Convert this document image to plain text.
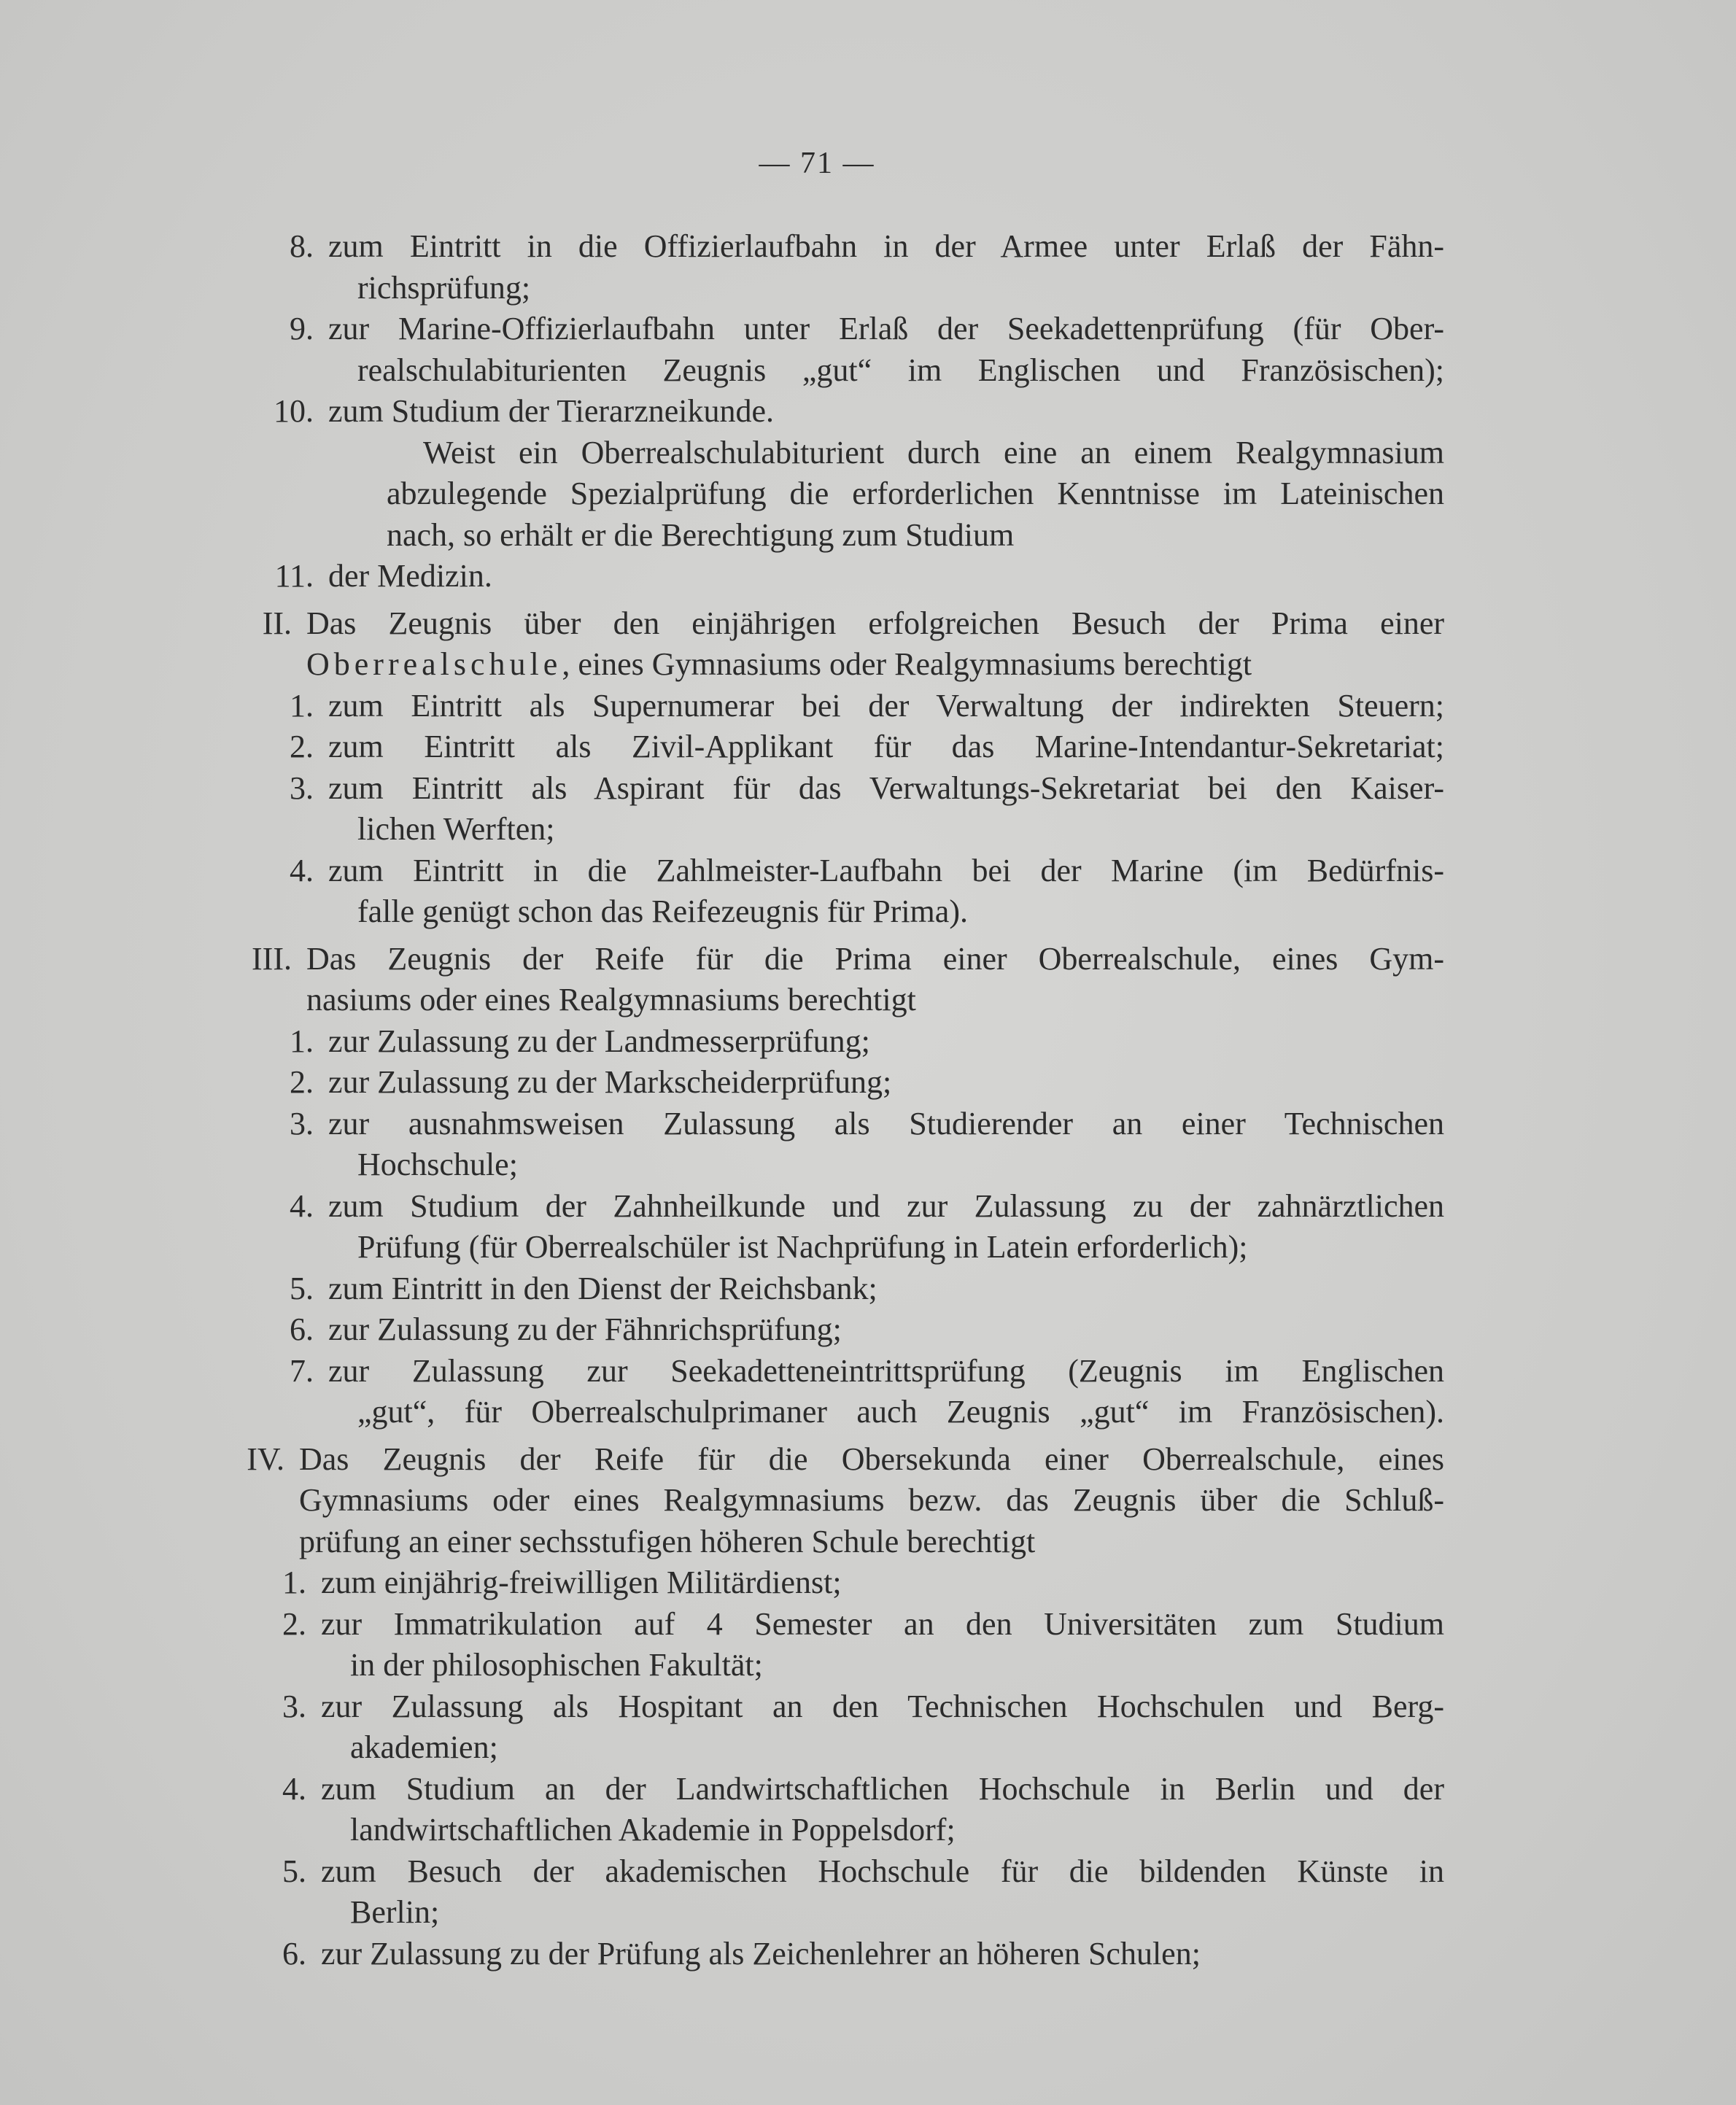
— 71 —
8. zum Eintritt in die Offizierlaufbahn in der Armee unter Erlaß der Fähn-
richsprüfung;
9. zur Marine-Offizierlaufbahn unter Erlaß der Seekadettenprüfung (für Ober-
realschulabiturienten Zeugnis „gut“ im Englischen und Französischen);
10. zum Studium der Tierarzneikunde.
Weist ein Oberrealschulabiturient durch eine an einem Realgymnasium
abzulegende Spezialprüfung die erforderlichen Kenntnisse im Lateinischen
nach, so erhält er die Berechtigung zum Studium
11. der Medizin.
II. Das Zeugnis über den einjährigen erfolgreichen Besuch der Prima einer
Oberrealschule, eines Gymnasiums oder Realgymnasiums berechtigt
1. zum Eintritt als Supernumerar bei der Verwaltung der indirekten Steuern;
2. zum Eintritt als Zivil-Applikant für das Marine-Intendantur-Sekretariat;
3. zum Eintritt als Aspirant für das Verwaltungs-Sekretariat bei den Kaiser-
lichen Werften;
4. zum Eintritt in die Zahlmeister-Laufbahn bei der Marine (im Bedürfnis-
falle genügt schon das Reifezeugnis für Prima).
III. Das Zeugnis der Reife für die Prima einer Oberrealschule, eines Gym-
nasiums oder eines Realgymnasiums berechtigt
1. zur Zulassung zu der Landmesserprüfung;
2. zur Zulassung zu der Markscheiderprüfung;
3. zur ausnahmsweisen Zulassung als Studierender an einer Technischen
Hochschule;
4. zum Studium der Zahnheilkunde und zur Zulassung zu der zahnärztlichen
Prüfung (für Oberrealschüler ist Nachprüfung in Latein erforderlich);
5. zum Eintritt in den Dienst der Reichsbank;
6. zur Zulassung zu der Fähnrichsprüfung;
7. zur Zulassung zur Seekadetteneintrittsprüfung (Zeugnis im Englischen
„gut“, für Oberrealschulprimaner auch Zeugnis „gut“ im Französischen).
IV. Das Zeugnis der Reife für die Obersekunda einer Oberrealschule, eines
Gymnasiums oder eines Realgymnasiums bezw. das Zeugnis über die Schluß-
prüfung an einer sechsstufigen höheren Schule berechtigt
1. zum einjährig-freiwilligen Militärdienst;
2. zur Immatrikulation auf 4 Semester an den Universitäten zum Studium
in der philosophischen Fakultät;
3. zur Zulassung als Hospitant an den Technischen Hochschulen und Berg-
akademien;
4. zum Studium an der Landwirtschaftlichen Hochschule in Berlin und der
landwirtschaftlichen Akademie in Poppelsdorf;
5. zum Besuch der akademischen Hochschule für die bildenden Künste in
Berlin;
6. zur Zulassung zu der Prüfung als Zeichenlehrer an höheren Schulen;
